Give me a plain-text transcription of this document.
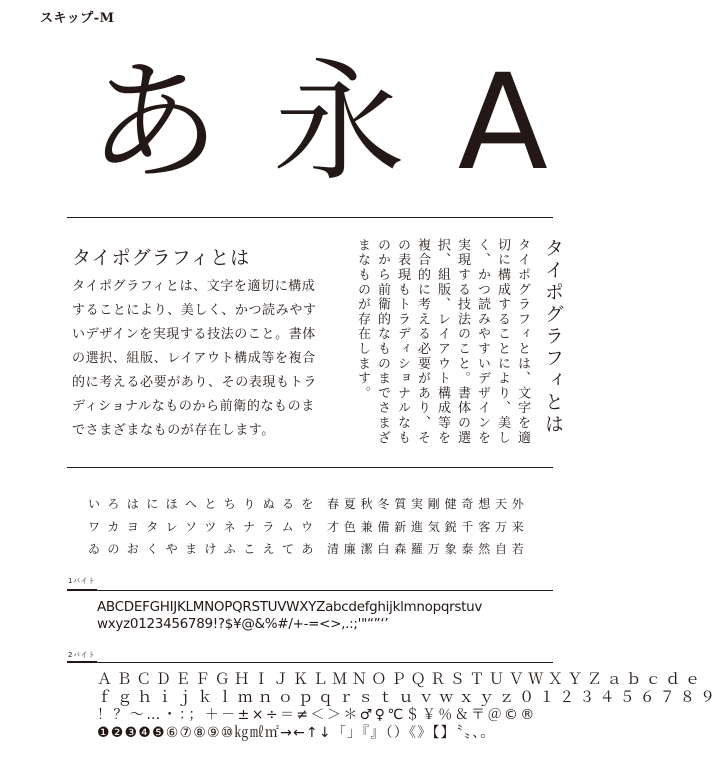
スキップ-M
あ 永 A
タイポグラフィとは

タイポグラフィとは、文字を適切に構成することにより、美しく、かつ読みやすいデザインを実現する技法のこと。書体の選択、組版、レイアウト構成等を複合的に考える必要があり、その表現もトラディショナルなものから前衛的なものまでさまざまなものが存在します。	タイポグラフィとは

タイポグラフィとは、文字を適切に構成することにより、美しく、かつ読みやすいデザインを実現する技法のこと。書体の選択、組版、レイアウト構成等を複合的に考える必要があり、その表現もトラディショナルなものから前衛的なものまでさまざまなものが存在します。

いろはにほへとちりぬるを
ワカヨタレソツネナラムウ
ゐのおくやまけふこえてあ
春夏秋冬質実剛健奇想天外
才色兼備新進気鋭千客万来
清廉潔白森羅万象泰然自若
1バイト
ABCDEFGHIJKLMNOPQRSTUVWXYZabcdefghijklmnopqrstuv
wxyz0123456789!?$¥@&%#/+-=<>,.:;'"“”‘’
2バイト
ＡＢＣＤＥＦＧＨＩＪＫＬＭＮＯＰＱＲＳＴＵＶＷＸＹＺａｂｃｄｅ
ｆｇｈｉｊｋｌｍｎｏｐｑｒｓｔｕｖｗｘｙｚ０１２３４５６７８９
！？～…・：；＋－±×÷＝≠＜＞＊♂♀℃＄￥％＆〒＠©®
❶❷❸❹❺⑥⑦⑧⑨⑩㎏㎖㎡→←↑↓「」『』（）《》【】〝〟、。
